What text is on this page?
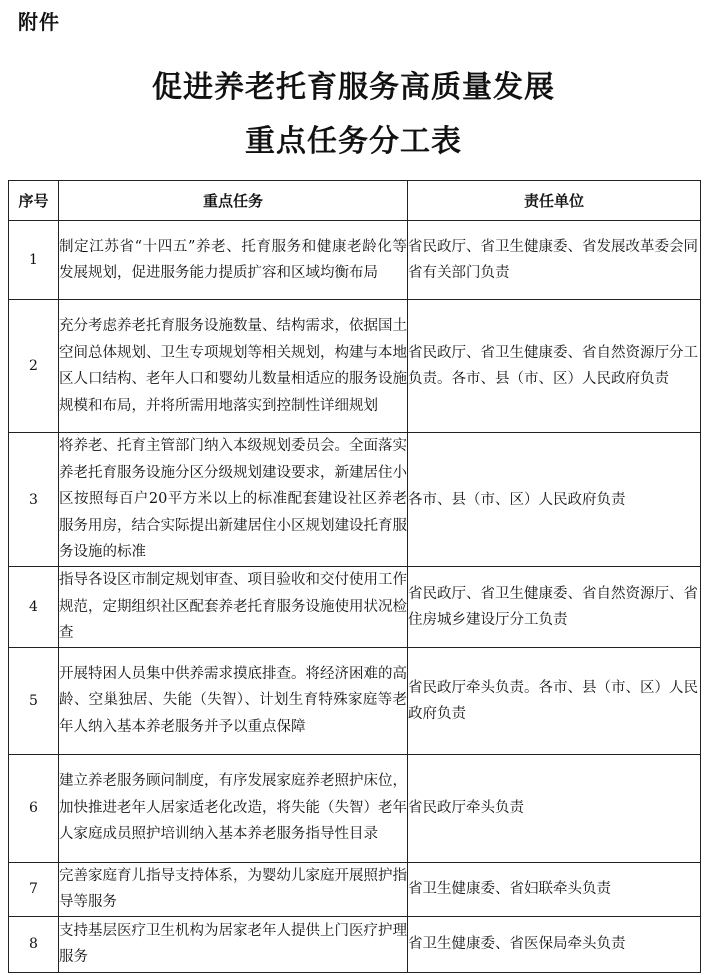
附件
促进养老托育服务高质量发展
重点任务分工表
序号	重点任务	责任单位
1	制定江苏省“十四五”养老、托育服务和健康老龄化等发展规划，促进服务能力提质扩容和区域均衡布局	省民政厅、省卫生健康委、省发展改革委会同省有关部门负责
2	充分考虑养老托育服务设施数量、结构需求，依据国土空间总体规划、卫生专项规划等相关规划，构建与本地区人口结构、老年人口和婴幼儿数量相适应的服务设施规模和布局，并将所需用地落实到控制性详细规划	省民政厅、省卫生健康委、省自然资源厅分工负责。各市、县（市、区）人民政府负责
3	将养老、托育主管部门纳入本级规划委员会。全面落实养老托育服务设施分区分级规划建设要求，新建居住小区按照每百户20平方米以上的标准配套建设社区养老服务用房，结合实际提出新建居住小区规划建设托育服务设施的标准	各市、县（市、区）人民政府负责
4	指导各设区市制定规划审查、项目验收和交付使用工作规范，定期组织社区配套养老托育服务设施使用状况检查	省民政厅、省卫生健康委、省自然资源厅、省住房城乡建设厅分工负责
5	开展特困人员集中供养需求摸底排查。将经济困难的高龄、空巢独居、失能（失智）、计划生育特殊家庭等老年人纳入基本养老服务并予以重点保障	省民政厅牵头负责。各市、县（市、区）人民政府负责
6	建立养老服务顾问制度，有序发展家庭养老照护床位，加快推进老年人居家适老化改造，将失能（失智）老年人家庭成员照护培训纳入基本养老服务指导性目录	省民政厅牵头负责
7	完善家庭育儿指导支持体系，为婴幼儿家庭开展照护指导等服务	省卫生健康委、省妇联牵头负责
8	支持基层医疗卫生机构为居家老年人提供上门医疗护理服务	省卫生健康委、省医保局牵头负责
